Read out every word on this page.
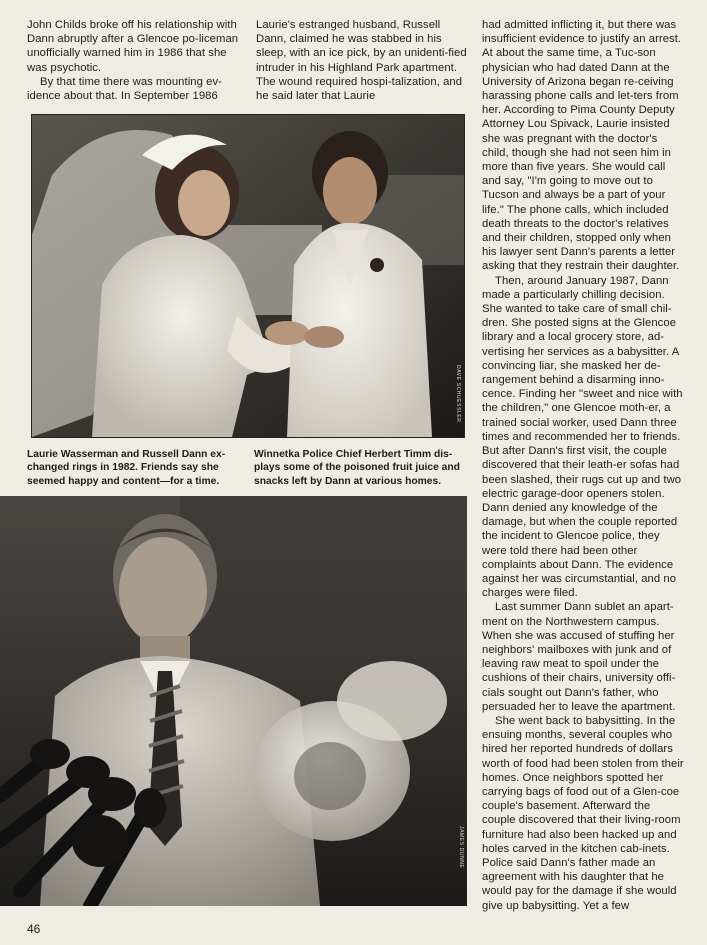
John Childs broke off his relationship with Dann abruptly after a Glencoe po-liceman unofficially warned him in 1986 that she was psychotic.

By that time there was mounting ev-idence about that. In September 1986

Laurie's estranged husband, Russell Dann, claimed he was stabbed in his sleep, with an ice pick, by an unidenti-fied intruder in his Highland Park apartment. The wound required hospi-talization, and he said later that Laurie

had admitted inflicting it, but there was insufficient evidence to justify an arrest. At about the same time, a Tuc-son physician who had dated Dann at the University of Arizona began re-ceiving harassing phone calls and let-ters from her. According to Pima County Deputy Attorney Lou Spivack, Laurie insisted she was pregnant with the doctor's child, though she had not seen him in more than five years. She would call and say, "I'm going to move out to Tucson and always be a part of your life." The phone calls, which included death threats to the doctor's relatives and their children, stopped only when his lawyer sent Dann's parents a letter asking that they restrain their daughter.

Then, around January 1987, Dann made a particularly chilling decision. She wanted to take care of small chil-dren. She posted signs at the Glencoe library and a local grocery store, ad-vertising her services as a babysitter. A convincing liar, she masked her de-rangement behind a disarming inno-cence. Finding her "sweet and nice with the children," one Glencoe moth-er, a trained social worker, used Dann three times and recommended her to friends. But after Dann's first visit, the couple discovered that their leath-er sofas had been slashed, their rugs cut up and two electric garage-door openers stolen. Dann denied any knowledge of the damage, but when the couple reported the incident to Glencoe police, they were told there had been other complaints about Dann. The evidence against her was circumstantial, and no charges were filed.

Last summer Dann sublet an apart-ment on the Northwestern campus. When she was accused of stuffing her neighbors' mailboxes with junk and of leaving raw meat to spoil under the cushions of their chairs, university offi-cials sought out Dann's father, who persuaded her to leave the apartment.

She went back to babysitting. In the ensuing months, several couples who hired her reported hundreds of dollars worth of food had been stolen from their homes. Once neighbors spotted her carrying bags of food out of a Glen-coe couple's basement. Afterward the couple discovered that their living-room furniture had also been hacked up and holes carved in the kitchen cab-inets. Police said Dann's father made an agreement with his daughter that he would pay for the damage if she would give up babysitting. Yet a few

DAVE SCHUESSLER
Laurie Wasserman and Russell Dann ex-changed rings in 1982. Friends say she seemed happy and content—for a time.
Winnetka Police Chief Herbert Timm dis-plays some of the poisoned fruit juice and snacks left by Dann at various homes.
JAMES DUNNE
46
